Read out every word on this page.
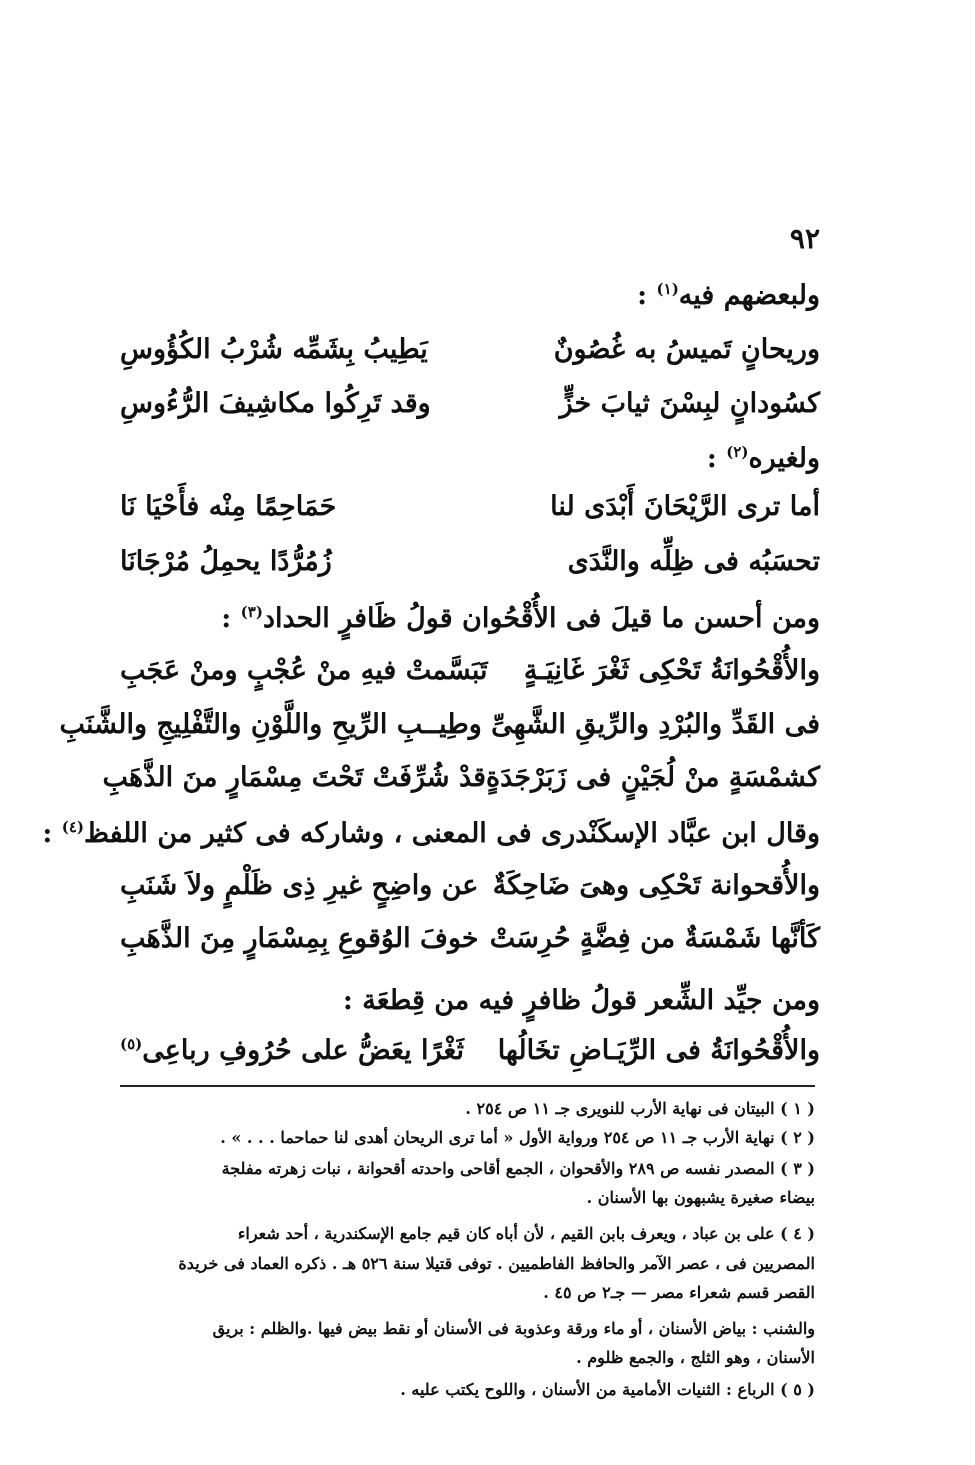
٩٢
ولبعضهم فيه$^{(١)}$ :
وريحانٍ تَميسُ به غُصُونٌ
يَطِيبُ بِشَمِّه شُرْبُ الكُؤُوسِ
كسُودانٍ لبِسْنَ ثيابَ خزٍّ
وقد تَرِكُوا مكاشِيفَ الرُّءُوسِ
ولغيره$^{(٢)}$ :
أما ترى الرَّيْحَانَ أَبْدَى لنا
حَمَاحِمًا مِنْه فأَحْيَا نَا
تحسَبُه فى ظِلِّه والنَّدَى
زُمُرُّدًا يحمِلُ مُرْجَانَا
ومن أحسن ما قيلَ فى الأُقْحُوان قولُ ظَافرٍ الحداد$^{(٣)}$ :
والأُقْحُوانَةُ تَحْكِى ثَغْرَ غَانِيَـةٍ
تَبَسَّمتْ فيهِ منْ عُجْبٍ ومنْ عَجَبِ
فى القَدِّ والبُرْدِ والرِّيقِ الشَّهِىِّ وطِيـ
ـبِ الرِّيحِ واللَّوْنِ والتَّفْلِيجِ والشَّنَبِ
كشمْسَةٍ منْ لُجَيْنٍ فى زَبَرْجَدَةٍ
قدْ شُرِّفَتْ تَحْتَ مِسْمَارٍ منَ الذَّهَبِ
وقال ابن عبَّاد الإسكَنْدرى فى المعنى ، وشاركه فى كثير من اللفظ$^{(٤)}$ :
والأُقحوانة تَحْكِى وهىَ ضَاحِكَةٌ
عن واضِحٍ غيرِ ذِى ظَلْمٍ ولاَ شَنَبِ
كَأنَّها شَمْسَةٌ من فِضَّةٍ حُرِسَتْ
خوفَ الوُقوعِ بِمِسْمَارٍ مِنَ الذَّهَبِ
ومن جيِّد الشِّعر قولُ ظافرٍ فيه من قِطعَة :
والأُقْحُوانَةُ فى الرِّيَـاضِ تخَالُها
ثَغْرًا يعَضُّ على حُرُوفِ رباعِى$^{(٥)}$
( ١ ) البيتان فى نهاية الأرب للنويرى جـ ١١ ص ٢٥٤ .
( ٢ ) نهاية الأرب جـ ١١ ص ٢٥٤ ورواية الأول « أما ترى الريحان أهدى لنا حماحما . . . » .
( ٣ ) المصدر نفسه ص ٢٨٩ والأقحوان ، الجمع أقاحى واحدته أقحوانة ، نبات زهرته مفلجة
بيضاء صغيرة يشبهون بها الأسنان .
( ٤ ) على بن عباد ، ويعرف بابن القيم ، لأن أباه كان قيم جامع الإسكندرية ، أحد شعراء
المصريين فى ، عصر الآمر والحافظ الفاطميين . توفى قتيلا سنة ٥٢٦ هـ . ذكره العماد فى خريدة
القصر قسم شعراء مصر — جـ٢ ص ٤٥ .
والشنب : بياض الأسنان ، أو ماء ورقة وعذوبة فى الأسنان أو نقط بيض فيها .والظلم : بريق
الأسنان ، وهو الثلج ، والجمع ظلوم .
( ٥ ) الرباع : الثنيات الأمامية من الأسنان ، واللوح يكتب عليه .
